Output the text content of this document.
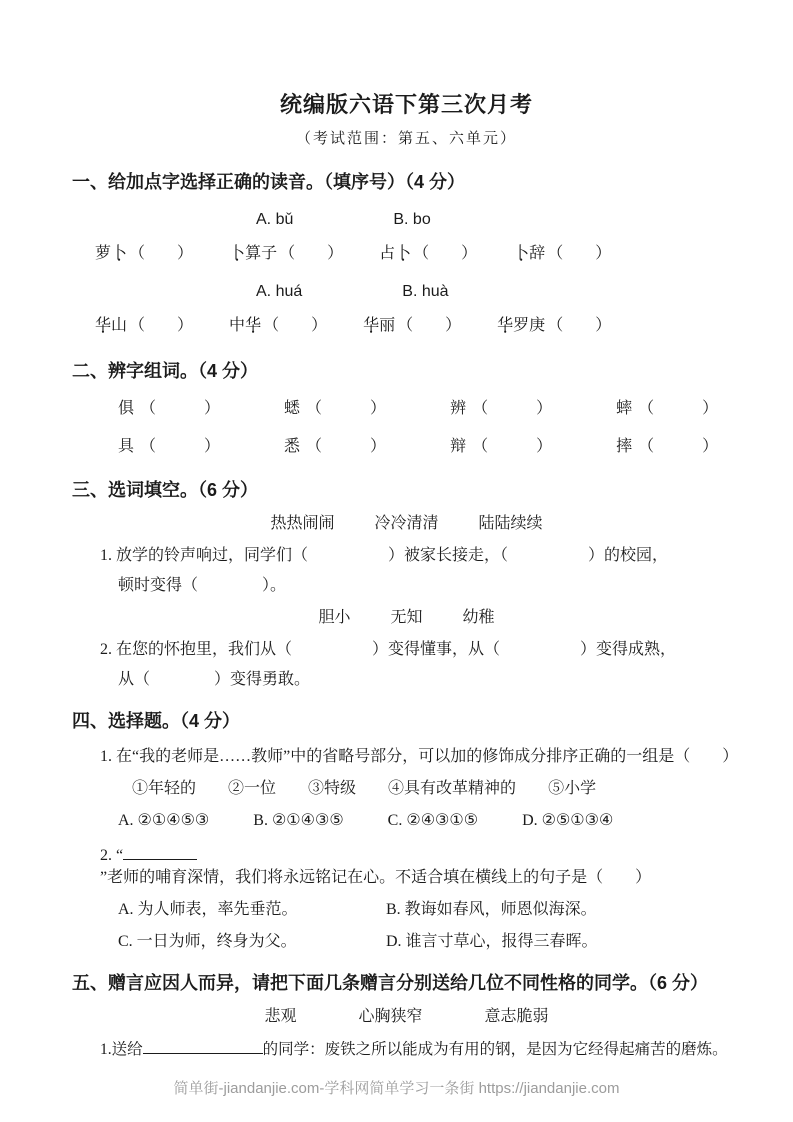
统编版六语下第三次月考
（考试范围：第五、六单元）
一、给加点字选择正确的读音。（填序号）（4 分）
A. bǔ	B. bo
萝卜 • （　　） 卜 •算子 （　　） 占卜 • （　　） 卜 •辞 （　　）
A. huá	B. huà
华 •山 （　　） 中华 • （　　） 华 •丽 （　　） 华 •罗庚 （　　）
二、辨字组词。（4 分）
俱 （　　　）	蟋 （　　　）	辨 （　　　）	蟀 （　　　）
具 （　　　）	悉 （　　　）	辩 （　　　）	摔 （　　　）
三、选词填空。（6 分）
热热闹闹	冷冷清清	陆陆续续
1. 放学的铃声响过，同学们（　　　　　）被家长接走，（　　　　　）的校园，
顿时变得（　　　　）。
胆小	无知	幼稚
2. 在您的怀抱里，我们从（　　　　　）变得懂事，从（　　　　　）变得成熟，
从（　　　　）变得勇敢。
四、选择题。（4 分）
1. 在“我的老师是……教师”中的省略号部分，可以加的修饰成分排序正确的一组是（　　）
①年轻的 ②一位 ③特级 ④具有改革精神的 ⑤小学
A. ②①④⑤③	B. ②①④③⑤	C. ②④③①⑤	D. ②⑤①③④
2. “”老师的哺育深情，我们将永远铭记在心。不适合填在横线上的句子是（　　）
A. 为人师表，率先垂范。	B. 教诲如春风，师恩似海深。
C. 一日为师，终身为父。	D. 谁言寸草心，报得三春晖。
五、赠言应因人而异，请把下面几条赠言分别送给几位不同性格的同学。（6 分）
悲观	心胸狭窄	意志脆弱
1.送给	的同学：废铁之所以能成为有用的钢，是因为它经得起痛苦的磨炼。
简单街-jiandanjie.com-学科网简单学习一条街 https://jiandanjie.com
